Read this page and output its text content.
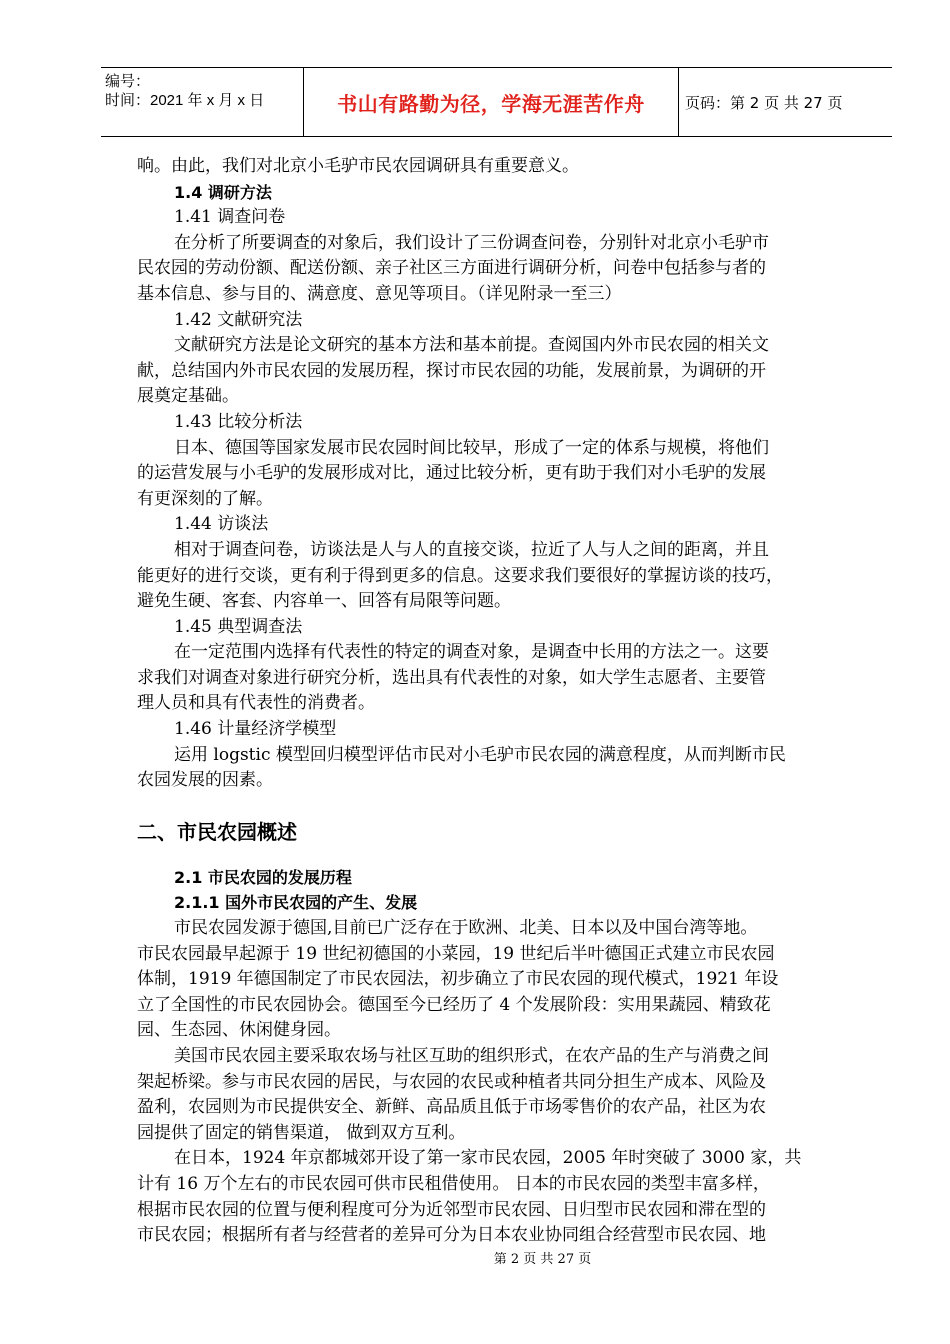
编号：
时间：2021 年 x 月 x 日	书山有路勤为径，学海无涯苦作舟	页码：第 2 页 共 27 页

响。由此，我们对北京小毛驴市民农园调研具有重要意义。

1.4 调研方法

1.41 调查问卷

在分析了所要调查的对象后，我们设计了三份调查问卷，分别针对北京小毛驴市

民农园的劳动份额、配送份额、亲子社区三方面进行调研分析，问卷中包括参与者的

基本信息、参与目的、满意度、意见等项目。（详见附录一至三）

1.42 文献研究法

文献研究方法是论文研究的基本方法和基本前提。查阅国内外市民农园的相关文

献，总结国内外市民农园的发展历程，探讨市民农园的功能，发展前景，为调研的开

展奠定基础。

1.43 比较分析法

日本、德国等国家发展市民农园时间比较早，形成了一定的体系与规模，将他们

的运营发展与小毛驴的发展形成对比，通过比较分析，更有助于我们对小毛驴的发展

有更深刻的了解。

1.44 访谈法

相对于调查问卷，访谈法是人与人的直接交谈，拉近了人与人之间的距离，并且

能更好的进行交谈，更有利于得到更多的信息。这要求我们要很好的掌握访谈的技巧，

避免生硬、客套、内容单一、回答有局限等问题。

1.45 典型调查法

在一定范围内选择有代表性的特定的调查对象，是调查中长用的方法之一。这要

求我们对调查对象进行研究分析，选出具有代表性的对象，如大学生志愿者、主要管

理人员和具有代表性的消费者。

1.46 计量经济学模型

运用 logstic 模型回归模型评估市民对小毛驴市民农园的满意程度，从而判断市民

农园发展的因素。

二、市民农园概述
2.1 市民农园的发展历程
2.1.1 国外市民农园的产生、发展

市民农园发源于德国,目前已广泛存在于欧洲、北美、日本以及中国台湾等地。

市民农园最早起源于 19 世纪初德国的小菜园，19 世纪后半叶德国正式建立市民农园

体制，1919 年德国制定了市民农园法，初步确立了市民农园的现代模式，1921 年设

立了全国性的市民农园协会。德国至今已经历了 4 个发展阶段：实用果蔬园、精致花

园、生态园、休闲健身园。

美国市民农园主要采取农场与社区互助的组织形式，在农产品的生产与消费之间

架起桥梁。参与市民农园的居民，与农园的农民或种植者共同分担生产成本、风险及

盈利，农园则为市民提供安全、新鲜、高品质且低于市场零售价的农产品，社区为农

园提供了固定的销售渠道， 做到双方互利。

在日本，1924 年京都城郊开设了第一家市民农园，2005 年时突破了 3000 家，共

计有 16 万个左右的市民农园可供市民租借使用。 日本的市民农园的类型丰富多样，

根据市民农园的位置与便利程度可分为近邻型市民农园、日归型市民农园和滞在型的

市民农园；根据所有者与经营者的差异可分为日本农业协同组合经营型市民农园、地

第 2 页 共 27 页
